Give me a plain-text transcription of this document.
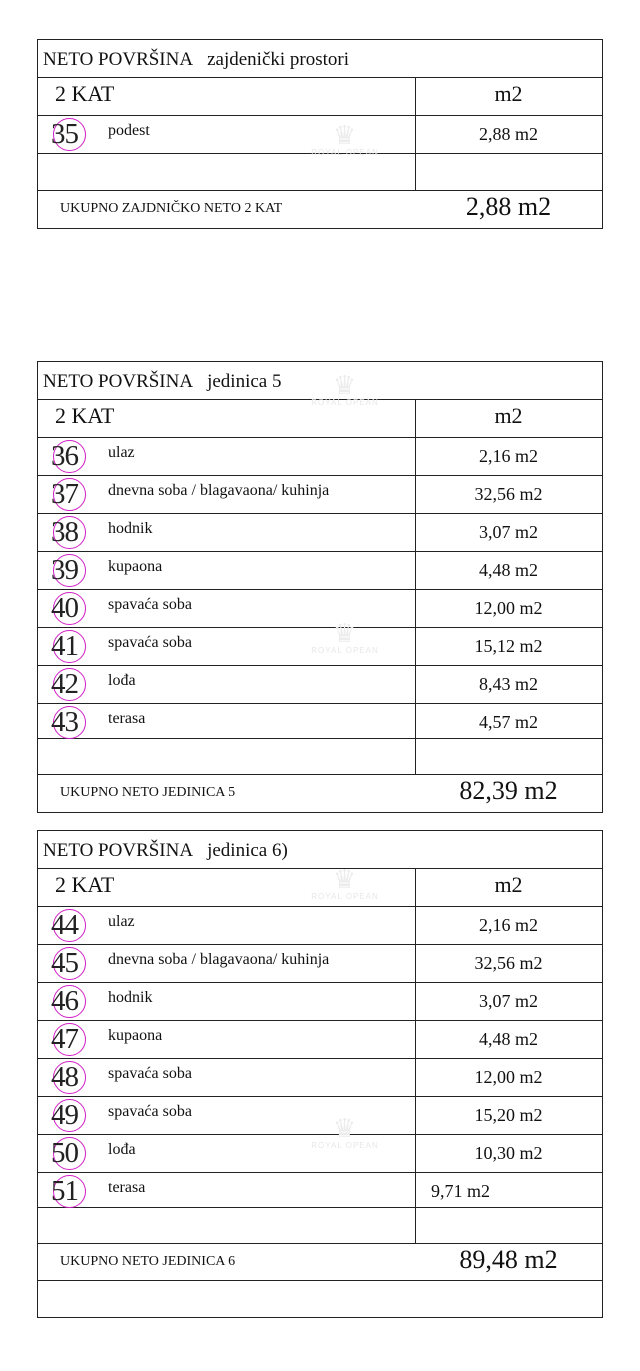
NETO POVRŠINA zajdenički prostori
2 KAT	m2
35 podest	2,88 m2
UKUPNO ZAJDNIČKO NETO 2 KAT	2,88 m2
NETO POVRŠINA jedinica 5
2 KAT	m2
36 ulaz	2,16 m2
37 dnevna soba / blagavaona/ kuhinja	32,56 m2
38 hodnik	3,07 m2
39 kupaona	4,48 m2
40 spavaća soba	12,00 m2
41 spavaća soba	15,12 m2
42 lođa	8,43 m2
43 terasa	4,57 m2
UKUPNO NETO JEDINICA 5	82,39 m2
NETO POVRŠINA jedinica 6)
2 KAT	m2
44 ulaz	2,16 m2
45 dnevna soba / blagavaona/ kuhinja	32,56 m2
46 hodnik	3,07 m2
47 kupaona	4,48 m2
48 spavaća soba	12,00 m2
49 spavaća soba	15,20 m2
50 lođa	10,30 m2
51 terasa	9,71 m2
UKUPNO NETO JEDINICA 6	89,48 m2
♛
ROYAL OPEAN
♛
ROYAL OPEAN
♛
ROYAL OPEAN
♛
ROYAL OPEAN
♛
ROYAL OPEAN
